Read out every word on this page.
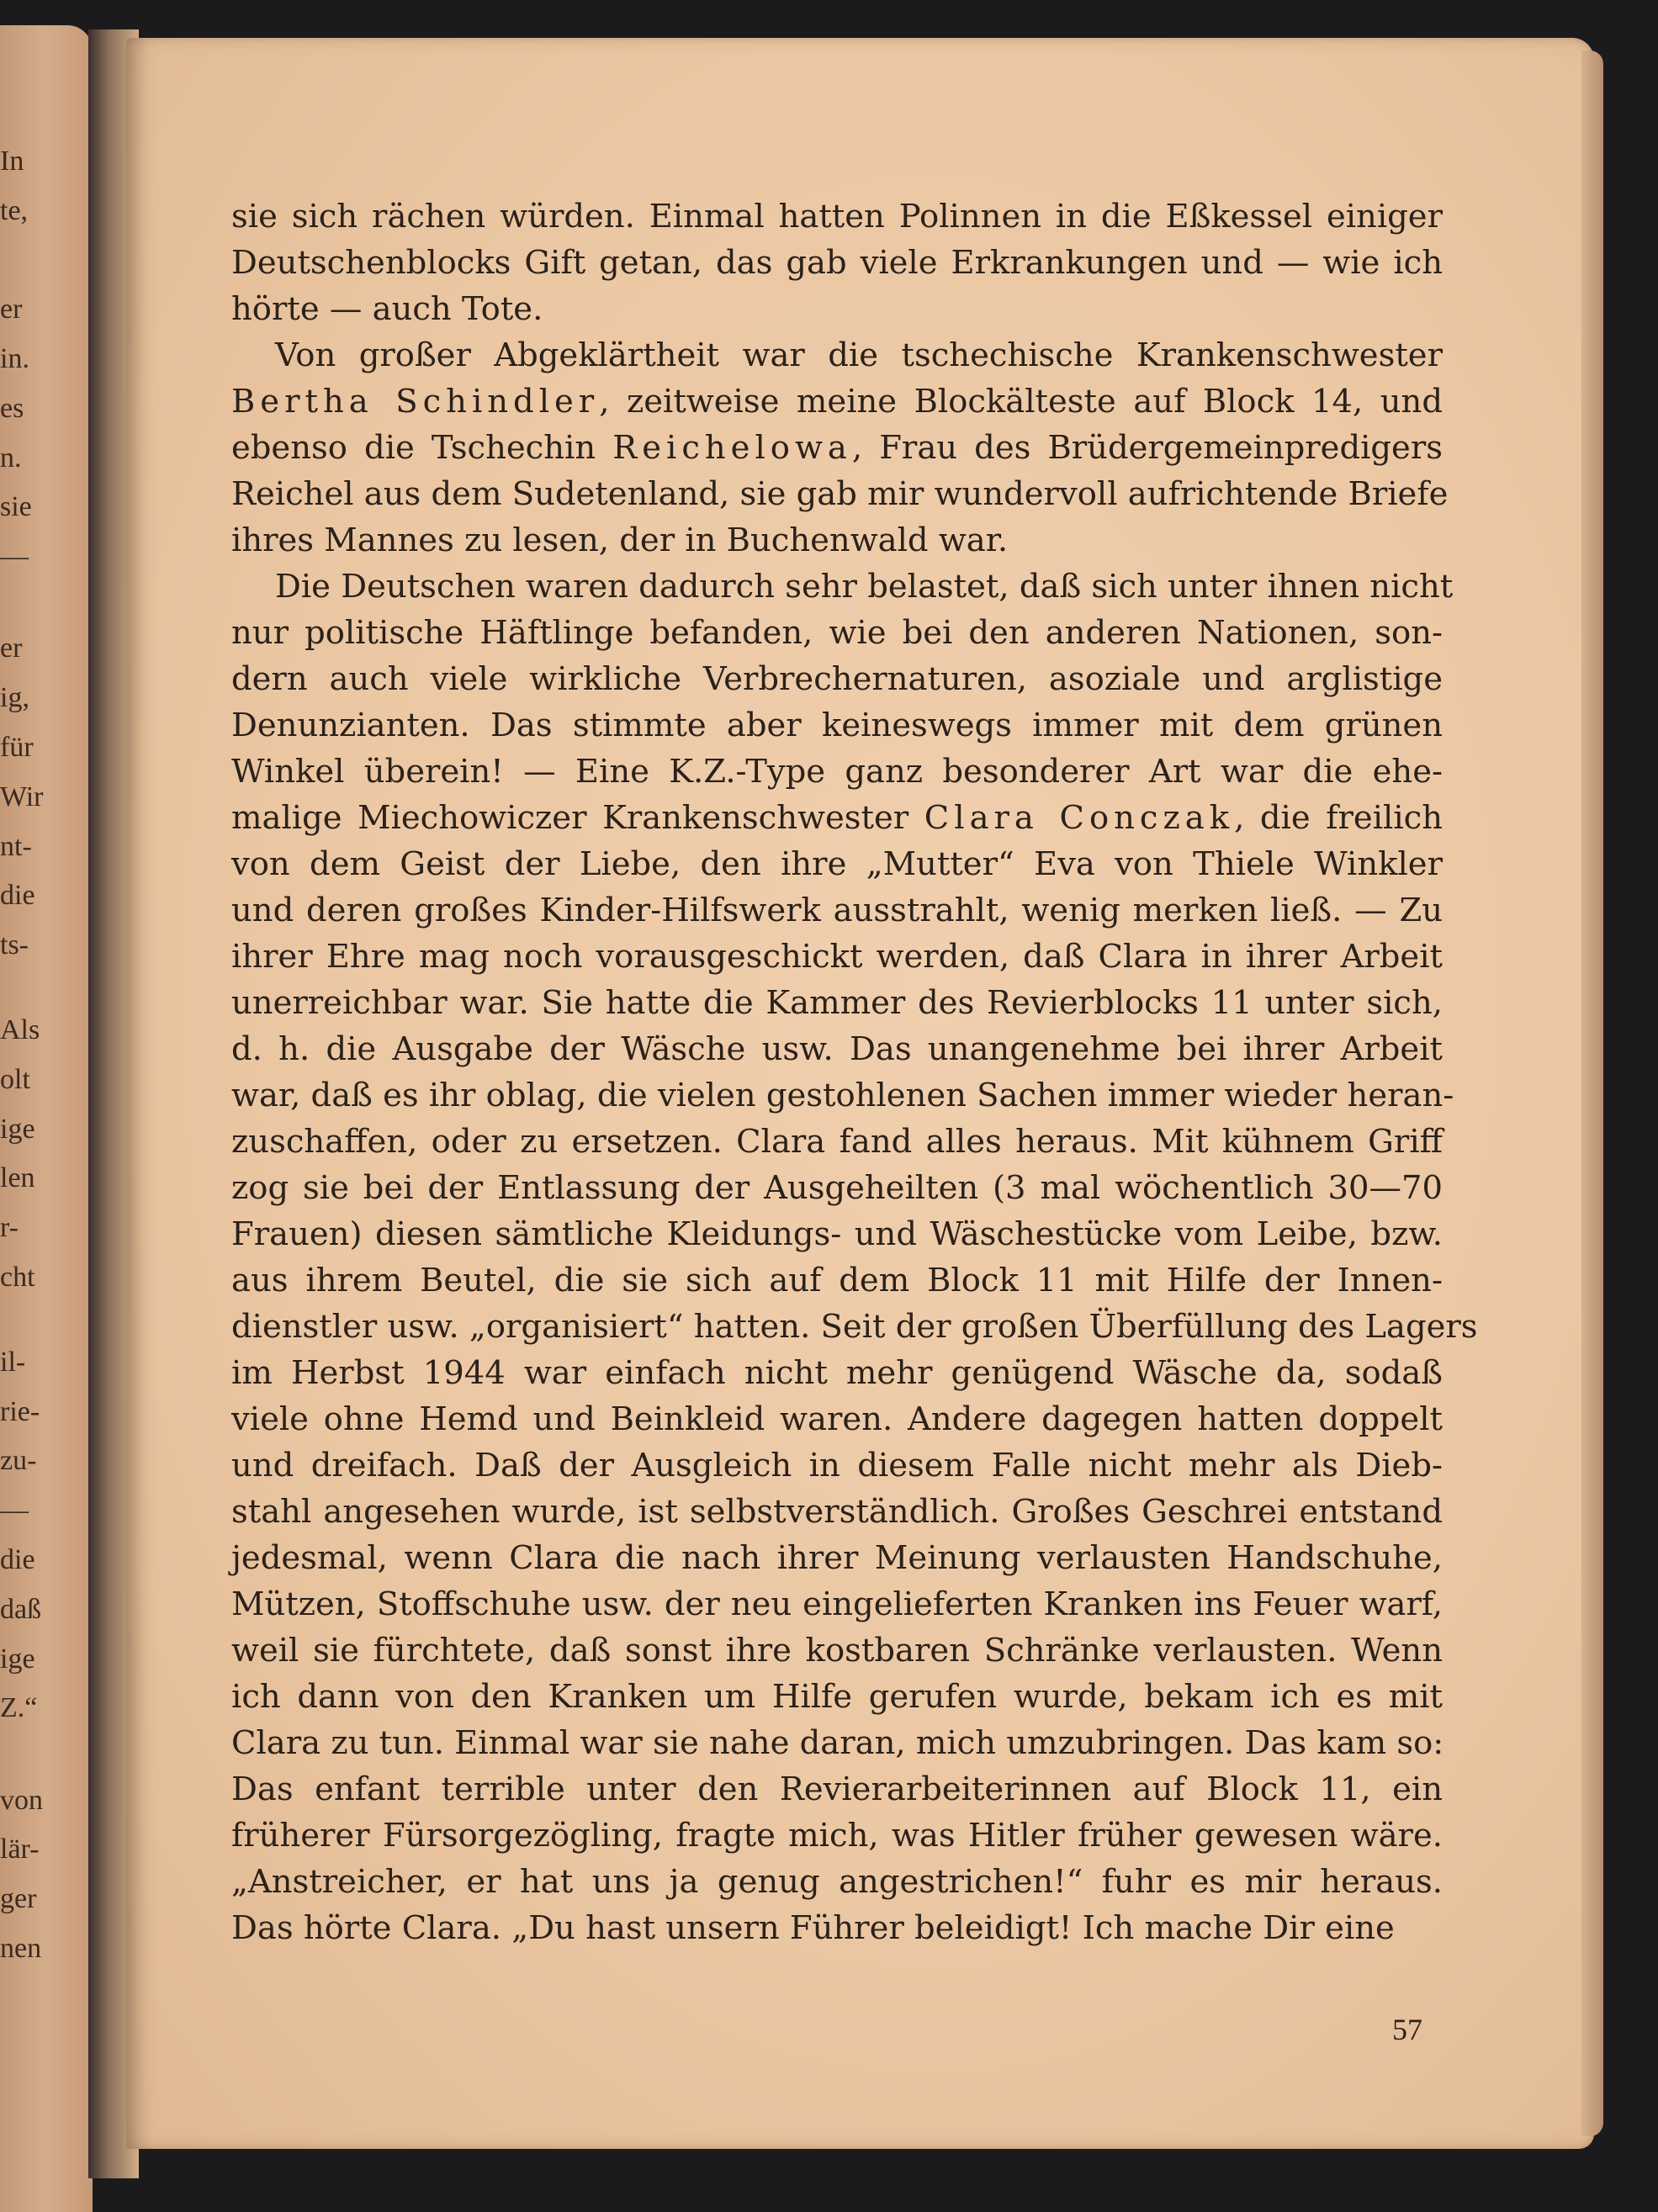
In
te,
er
in.
es
n.
sie
—
er
ig,
für
Wir
nt-
die
ts-
Als
olt
ige
len
r-
cht
il-
rie-
zu-
—
die
daß
ige
Z.“
von
lär-
ger
nen
sie sich rächen würden. Einmal hatten Polinnen in die Eßkessel einiger
Deutschenblocks Gift getan, das gab viele Erkrankungen und — wie ich
hörte — auch Tote.
Von großer Abgeklärtheit war die tschechische Krankenschwester
Bertha Schindler, zeitweise meine Blockälteste auf Block 14, und
ebenso die Tschechin Reichelowa, Frau des Brüdergemeinpredigers
Reichel aus dem Sudetenland, sie gab mir wundervoll aufrichtende Briefe
ihres Mannes zu lesen, der in Buchenwald war.
Die Deutschen waren dadurch sehr belastet, daß sich unter ihnen nicht
nur politische Häftlinge befanden, wie bei den anderen Nationen, son-
dern auch viele wirkliche Verbrechernaturen, asoziale und arglistige
Denunzianten. Das stimmte aber keineswegs immer mit dem grünen
Winkel überein! — Eine K.Z.-Type ganz besonderer Art war die ehe-
malige Miechowiczer Krankenschwester Clara Conczak, die freilich
von dem Geist der Liebe, den ihre „Mutter“ Eva von Thiele Winkler
und deren großes Kinder-Hilfswerk ausstrahlt, wenig merken ließ. — Zu
ihrer Ehre mag noch vorausgeschickt werden, daß Clara in ihrer Arbeit
unerreichbar war. Sie hatte die Kammer des Revierblocks 11 unter sich,
d. h. die Ausgabe der Wäsche usw. Das unangenehme bei ihrer Arbeit
war, daß es ihr oblag, die vielen gestohlenen Sachen immer wieder heran-
zuschaffen, oder zu ersetzen. Clara fand alles heraus. Mit kühnem Griff
zog sie bei der Entlassung der Ausgeheilten (3 mal wöchentlich 30—70
Frauen) diesen sämtliche Kleidungs- und Wäschestücke vom Leibe, bzw.
aus ihrem Beutel, die sie sich auf dem Block 11 mit Hilfe der Innen-
dienstler usw. „organisiert“ hatten. Seit der großen Überfüllung des Lagers
im Herbst 1944 war einfach nicht mehr genügend Wäsche da, sodaß
viele ohne Hemd und Beinkleid waren. Andere dagegen hatten doppelt
und dreifach. Daß der Ausgleich in diesem Falle nicht mehr als Dieb-
stahl angesehen wurde, ist selbstverständlich. Großes Geschrei entstand
jedesmal, wenn Clara die nach ihrer Meinung verlausten Handschuhe,
Mützen, Stoffschuhe usw. der neu eingelieferten Kranken ins Feuer warf,
weil sie fürchtete, daß sonst ihre kostbaren Schränke verlausten. Wenn
ich dann von den Kranken um Hilfe gerufen wurde, bekam ich es mit
Clara zu tun. Einmal war sie nahe daran, mich umzubringen. Das kam so:
Das enfant terrible unter den Revierarbeiterinnen auf Block 11, ein
früherer Fürsorgezögling, fragte mich, was Hitler früher gewesen wäre.
„Anstreicher, er hat uns ja genug angestrichen!“ fuhr es mir heraus.
Das hörte Clara. „Du hast unsern Führer beleidigt! Ich mache Dir eine
57
